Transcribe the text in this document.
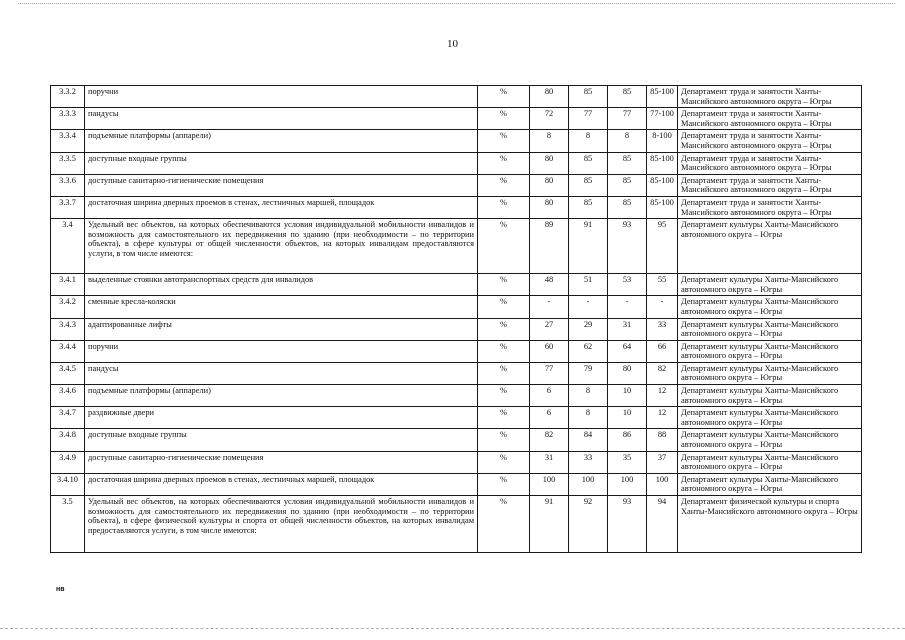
10
3.3.2	поручни	%	80	85	85	85-100	Департамент труда и занятости Ханты-Мансийского автономного округа – Югры
3.3.3	пандусы	%	72	77	77	77-100	Департамент труда и занятости Ханты-Мансийского автономного округа – Югры
3.3.4	подъемные платформы (аппарели)	%	8	8	8	8-100	Департамент труда и занятости Ханты-Мансийского автономного округа – Югры
3.3.5	доступные входные группы	%	80	85	85	85-100	Департамент труда и занятости Ханты-Мансийского автономного округа – Югры
3.3.6	доступные санитарно-гигиенические помещения	%	80	85	85	85-100	Департамент труда и занятости Ханты-Мансийского автономного округа – Югры
3.3.7	достаточная ширина дверных проемов в стенах, лестничных маршей, площадок	%	80	85	85	85-100	Департамент труда и занятости Ханты-Мансийского автономного округа – Югры
3.4	Удельный вес объектов, на которых обеспечиваются условия индивидуальной мобильности инвалидов и возможность для самостоятельного их передвижения по зданию (при необходимости – по территории объекта), в сфере культуры от общей численности объектов, на которых инвалидам предоставляются услуги, в том числе имеются:	%	89	91	93	95	Департамент культуры Ханты-Мансийского автономного округа – Югры
3.4.1	выделенные стоянки автотранспортных средств для инвалидов	%	48	51	53	55	Департамент культуры Ханты-Мансийского автономного округа – Югры
3.4.2	сменные кресла-коляски	%	-	-	-	-	Департамент культуры Ханты-Мансийского автономного округа – Югры
3.4.3	адаптированные лифты	%	27	29	31	33	Департамент культуры Ханты-Мансийского автономного округа – Югры
3.4.4	поручни	%	60	62	64	66	Департамент культуры Ханты-Мансийского автономного округа – Югры
3.4.5	пандусы	%	77	79	80	82	Департамент культуры Ханты-Мансийского автономного округа – Югры
3.4.6	подъемные платформы (аппарели)	%	6	8	10	12	Департамент культуры Ханты-Мансийского автономного округа – Югры
3.4.7	раздвижные двери	%	6	8	10	12	Департамент культуры Ханты-Мансийского автономного округа – Югры
3.4.8	доступные входные группы	%	82	84	86	88	Департамент культуры Ханты-Мансийского автономного округа – Югры
3.4.9	доступные санитарно-гигиенические помещения	%	31	33	35	37	Департамент культуры Ханты-Мансийского автономного округа – Югры
3.4.10	достаточная ширина дверных проемов в стенах, лестничных маршей, площадок	%	100	100	100	100	Департамент культуры Ханты-Мансийского автономного округа – Югры
3.5	Удельный вес объектов, на которых обеспечиваются условия индивидуальной мобильности инвалидов и возможность для самостоятельного их передвижения по зданию (при необходимости – по территории объекта), в сфере физической культуры и спорта от общей численности объектов, на которых инвалидам предоставляются услуги, в том числе имеются:	%	91	92	93	94	Департамент физической культуры и спорта Ханты-Мансийского автономного округа – Югры
нв
